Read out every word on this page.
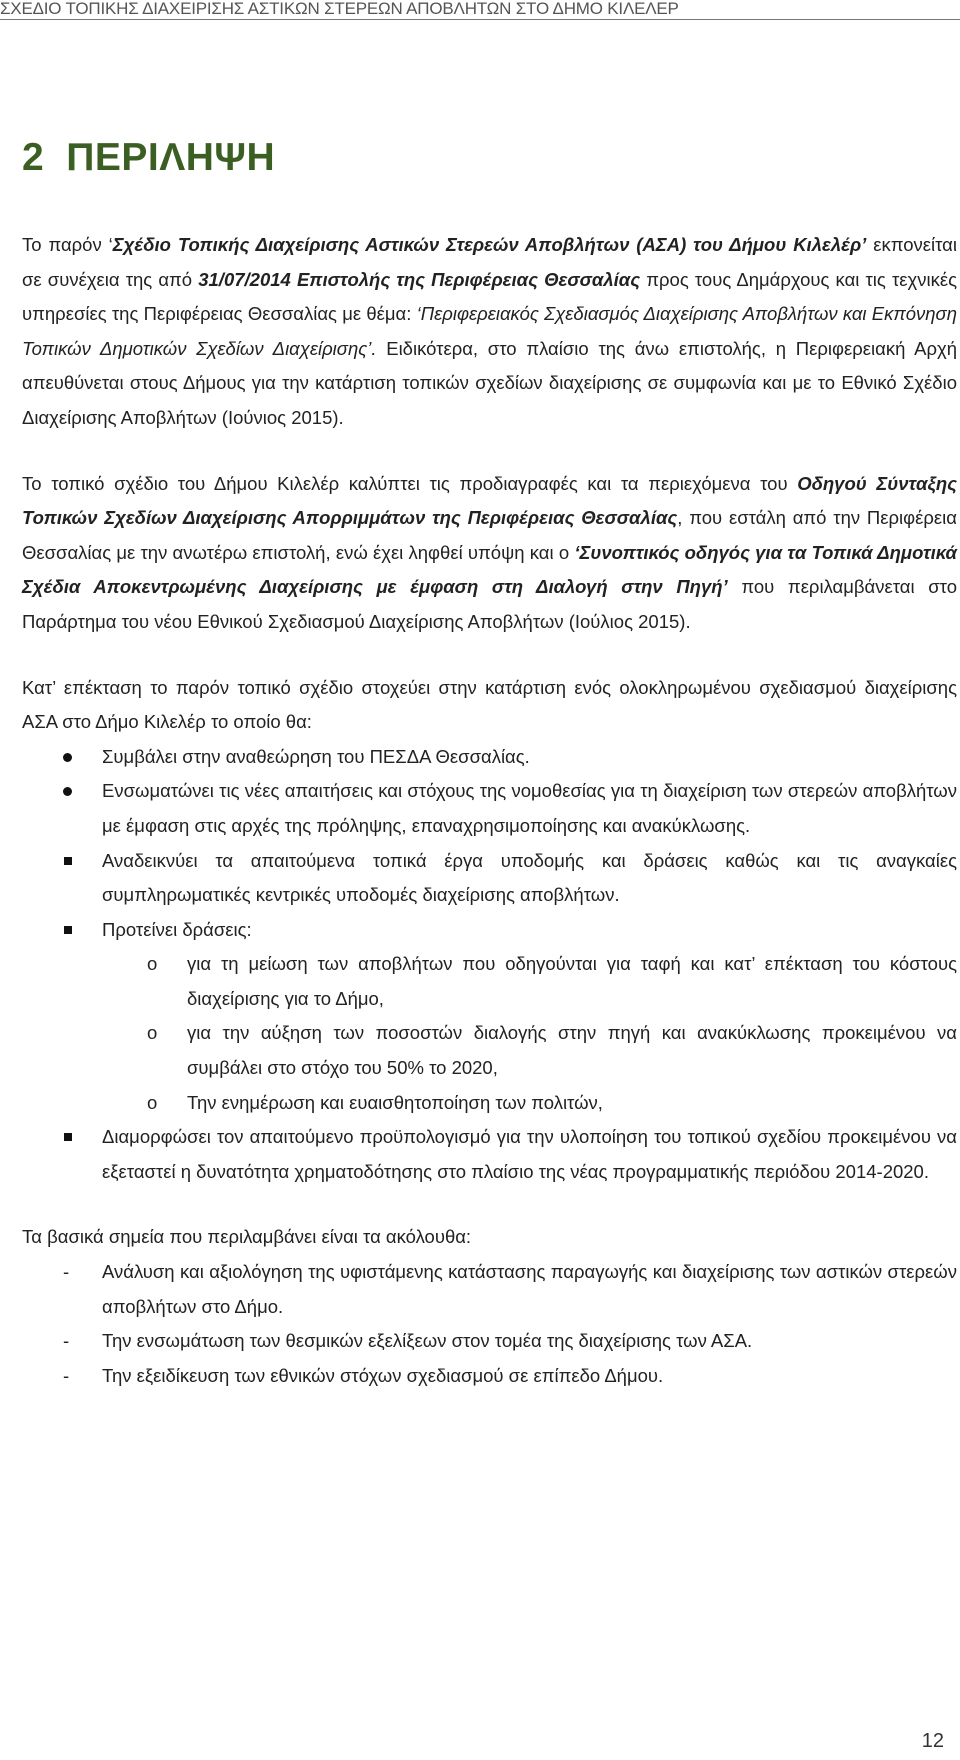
ΣΧΕΔΙΟ ΤΟΠΙΚΗΣ ΔΙΑΧΕΙΡΙΣΗΣ ΑΣΤΙΚΩΝ ΣΤΕΡΕΩΝ ΑΠΟΒΛΗΤΩΝ ΣΤΟ ΔΗΜΟ ΚΙΛΕΛΕΡ
2 ΠΕΡΙΛΗΨΗ

Το παρόν ‘Σχέδιο Τοπικής Διαχείρισης Αστικών Στερεών Αποβλήτων (ΑΣΑ) του Δήμου Κιλελέρ’ εκπονείται σε συνέχεια της από 31/07/2014 Επιστολής της Περιφέρειας Θεσσαλίας προς τους Δημάρχους και τις τεχνικές υπηρεσίες της Περιφέρειας Θεσσαλίας με θέμα: ‘Περιφερειακός Σχεδιασμός Διαχείρισης Αποβλήτων και Εκπόνηση Τοπικών Δημοτικών Σχεδίων Διαχείρισης’. Ειδικότερα, στο πλαίσιο της άνω επιστολής, η Περιφερειακή Αρχή απευθύνεται στους Δήμους για την κατάρτιση τοπικών σχεδίων διαχείρισης σε συμφωνία και με το Εθνικό Σχέδιο Διαχείρισης Αποβλήτων (Ιούνιος 2015).

Το τοπικό σχέδιο του Δήμου Κιλελέρ καλύπτει τις προδιαγραφές και τα περιεχόμενα του Οδηγού Σύνταξης Τοπικών Σχεδίων Διαχείρισης Απορριμμάτων της Περιφέρειας Θεσσαλίας, που εστάλη από την Περιφέρεια Θεσσαλίας με την ανωτέρω επιστολή, ενώ έχει ληφθεί υπόψη και ο ‘Συνοπτικός οδηγός για τα Τοπικά Δημοτικά Σχέδια Αποκεντρωμένης Διαχείρισης με έμφαση στη Διαλογή στην Πηγή’ που περιλαμβάνεται στο Παράρτημα του νέου Εθνικού Σχεδιασμού Διαχείρισης Αποβλήτων (Ιούλιος 2015).

Κατ’ επέκταση το παρόν τοπικό σχέδιο στοχεύει στην κατάρτιση ενός ολοκληρωμένου σχεδιασμού διαχείρισης ΑΣΑ στο Δήμο Κιλελέρ το οποίο θα:

Συμβάλει στην αναθεώρηση του ΠΕΣΔΑ Θεσσαλίας.
Ενσωματώνει τις νέες απαιτήσεις και στόχους της νομοθεσίας για τη διαχείριση των στερεών αποβλήτων με έμφαση στις αρχές της πρόληψης, επαναχρησιμοποίησης και ανακύκλωσης.
Αναδεικνύει τα απαιτούμενα τοπικά έργα υποδομής και δράσεις καθώς και τις αναγκαίες συμπληρωματικές κεντρικές υποδομές διαχείρισης αποβλήτων.
Προτείνει δράσεις:
o για τη μείωση των αποβλήτων που οδηγούνται για ταφή και κατ’ επέκταση του κόστους διαχείρισης για το Δήμο,
o για την αύξηση των ποσοστών διαλογής στην πηγή και ανακύκλωσης προκειμένου να συμβάλει στο στόχο του 50% το 2020,
o Την ενημέρωση και ευαισθητοποίηση των πολιτών,
Διαμορφώσει τον απαιτούμενο προϋπολογισμό για την υλοποίηση του τοπικού σχεδίου προκειμένου να εξεταστεί η δυνατότητα χρηματοδότησης στο πλαίσιο της νέας προγραμματικής περιόδου 2014-2020.

Τα βασικά σημεία που περιλαμβάνει είναι τα ακόλουθα:

- Ανάλυση και αξιολόγηση της υφιστάμενης κατάστασης παραγωγής και διαχείρισης των αστικών στερεών αποβλήτων στο Δήμο.
- Την ενσωμάτωση των θεσμικών εξελίξεων στον τομέα της διαχείρισης των ΑΣΑ.
- Την εξειδίκευση των εθνικών στόχων σχεδιασμού σε επίπεδο Δήμου.
12
